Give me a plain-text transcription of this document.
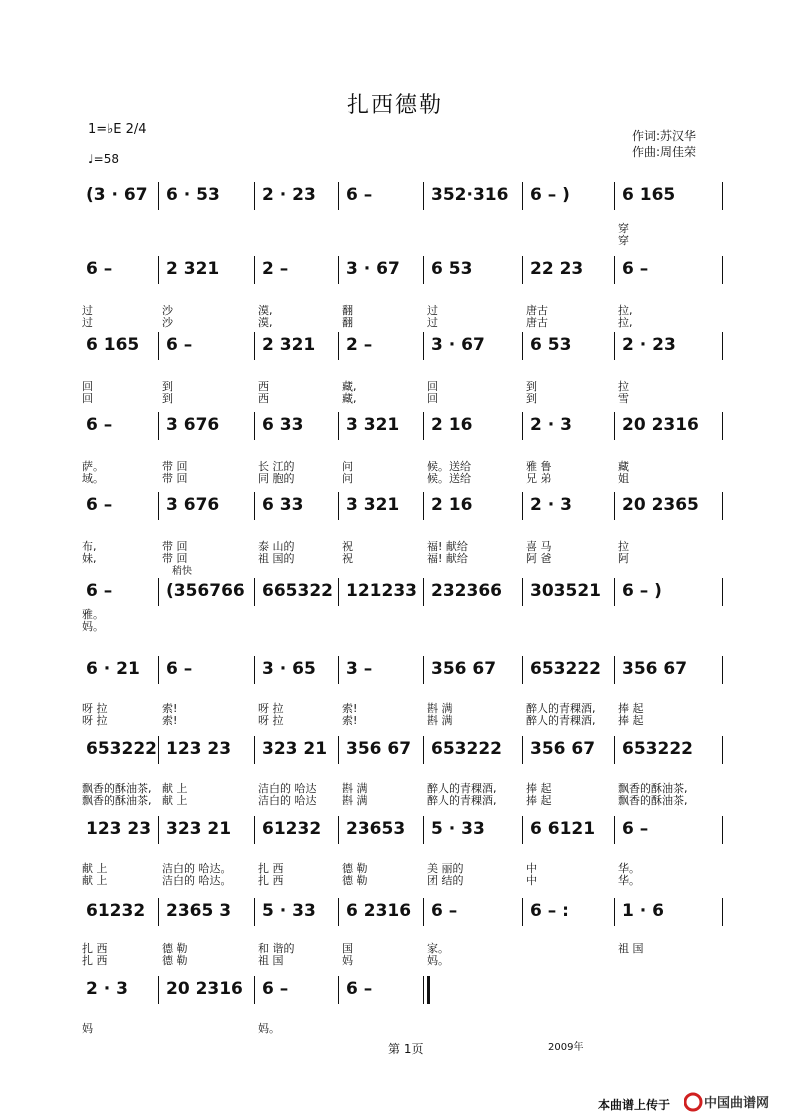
扎西德勒
1=♭E 2/4
♩=58
作词:苏汉华
作曲:周佳荣
(3 · 67	6 · 53	2 · 23	6 –	352·316	6 – )	6 165
穿
穿
6 –	2 321	2 –	3 · 67	6 53	22 23	6 –
过	沙	漠,	翻	过	唐古	拉,
过	沙	漠,	翻	过	唐古	拉,
6 165	6 –	2 321	2 –	3 · 67	6 53	2 · 23
回	到	西	藏,	回	到	拉
回	到	西	藏,	回	到	雪
6 –	3 676	6 33	3 321	2 16	2 · 3	20 2316
萨。	带 回	长 江的	问	候。送给	雅 鲁	藏
域。	带 回	同 胞的	问	候。送给	兄 弟	姐
6 –	3 676	6 33	3 321	2 16	2 · 3	20 2365
布,	带 回	泰 山的	祝	福! 献给	喜 马	拉
妹,	带 回	祖 国的	祝	福! 献给	阿 爸	阿
6 –	(356766	665322 121233 232366	303521	6 – )
稍快
雅。
妈。
6 · 21	6 –	3 · 65	3 –	356 67	653222	356 67
呀 拉	索!	呀 拉	索!	斟 满	醉人的青稞酒, 捧 起
呀 拉	索!	呀 拉	索!	斟 满	醉人的青稞酒, 捧 起
653222 123 23	323 21	356 67	653222	356 67	653222
飘香的酥油茶, 献 上	洁白的 哈达 斟 满	醉人的青稞酒,	捧 起	飘香的酥油茶,
飘香的酥油茶, 献 上	洁白的 哈达 斟 满	醉人的青稞酒,	捧 起	飘香的酥油茶,
123 23 323 21	61232	23653	5 · 33	6 6121	6 –
献 上	洁白的 哈达。 扎 西	德 勒	美 丽的	中	华。
献 上	洁白的 哈达。 扎 西	德 勒	团 结的	中	华。
61232	2365 3	5 · 33	6 2316	6 –	6 – :	1 · 6
扎 西	德 勒	和 谐的	国	家。	祖 国
扎 西	德 勒	祖 国	妈	妈。
2 · 3	20 2316	6 –	6 –
妈	妈。
第 1页	2009年
本曲谱上传于	中国曲谱网
